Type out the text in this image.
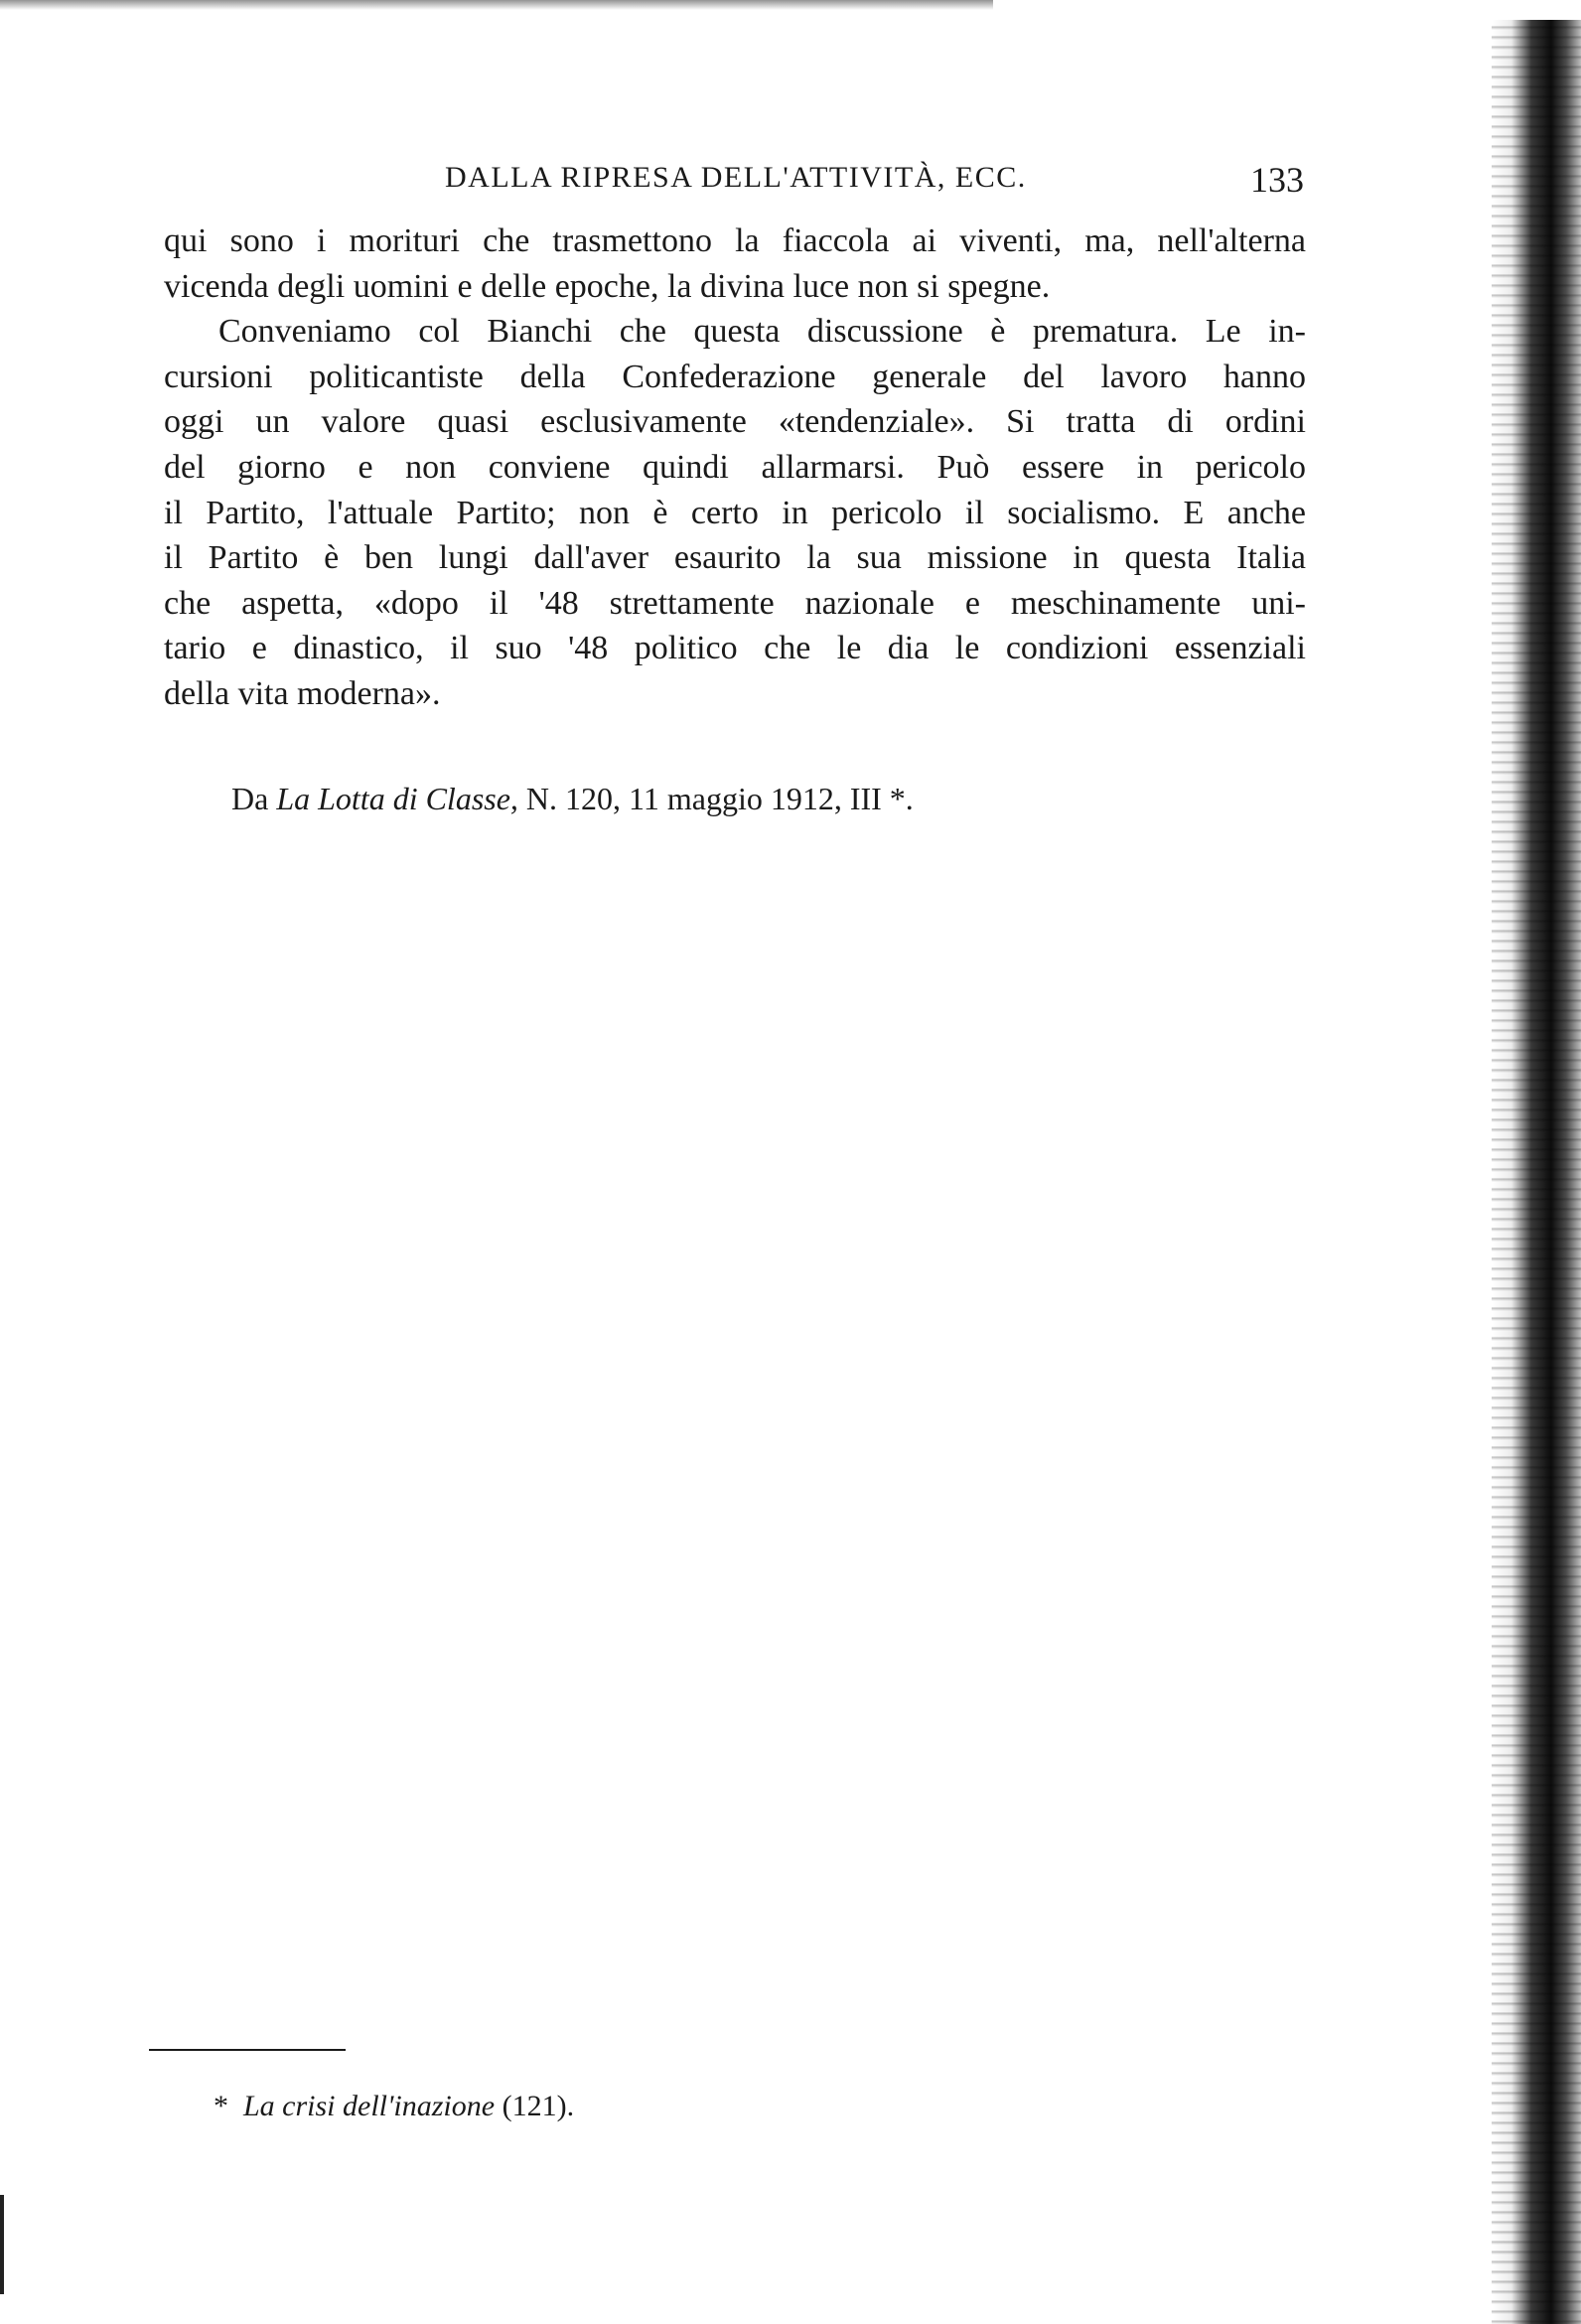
DALLA RIPRESA DELL'ATTIVITÀ, ECC.	133
qui sono i morituri che trasmettono la fiaccola ai viventi, ma, nell'alterna
vicenda degli uomini e delle epoche, la divina luce non si spegne.
Conveniamo col Bianchi che questa discussione è prematura. Le in-
cursioni politicantiste della Confederazione generale del lavoro hanno
oggi un valore quasi esclusivamente «tendenziale». Si tratta di ordini
del giorno e non conviene quindi allarmarsi. Può essere in pericolo
il Partito, l'attuale Partito; non è certo in pericolo il socialismo. E anche
il Partito è ben lungi dall'aver esaurito la sua missione in questa Italia
che aspetta, «dopo il '48 strettamente nazionale e meschinamente uni-
tario e dinastico, il suo '48 politico che le dia le condizioni essenziali
della vita moderna».
Da La Lotta di Classe, N. 120, 11 maggio 1912, III *.
* La crisi dell'inazione (121).
